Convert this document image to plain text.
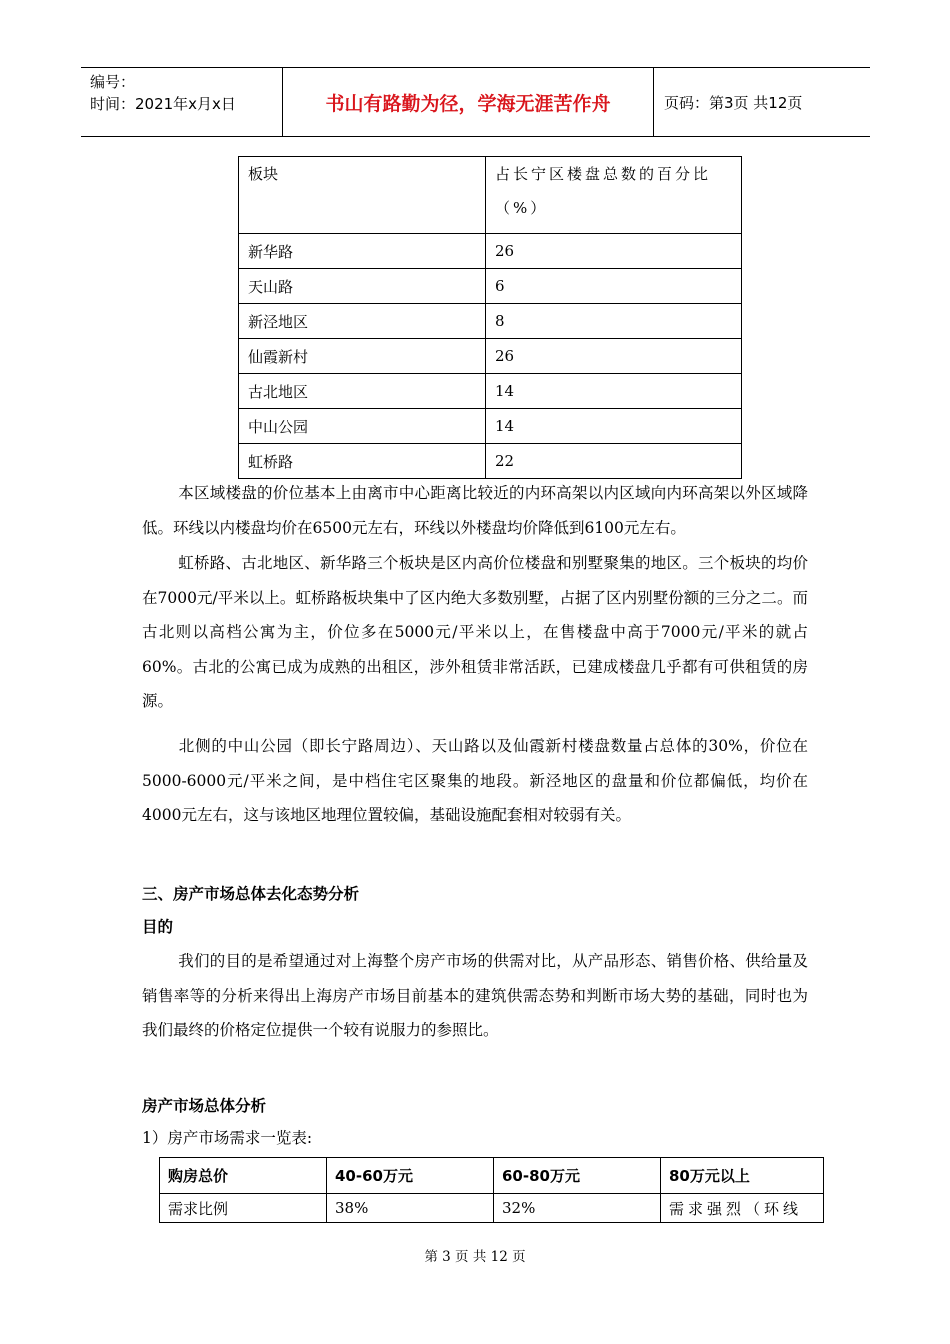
编号：
时间：2021年x月x日	书山有路勤为径，学海无涯苦作舟	页码：第3页 共12页
板块	占长宁区楼盘总数的百分比（%）
新华路	26
天山路	6
新泾地区	8
仙霞新村	26
古北地区	14
中山公园	14
虹桥路	22
本区域楼盘的价位基本上由离市中心距离比较近的内环高架以内区域向内环高架以外区域降低。环线以内楼盘均价在6500元左右，环线以外楼盘均价降低到6100元左右。
虹桥路、古北地区、新华路三个板块是区内高价位楼盘和别墅聚集的地区。三个板块的均价在7000元/平米以上。虹桥路板块集中了区内绝大多数别墅，占据了区内别墅份额的三分之二。而古北则以高档公寓为主，价位多在5000元/平米以上，在售楼盘中高于7000元/平米的就占60%。古北的公寓已成为成熟的出租区，涉外租赁非常活跃，已建成楼盘几乎都有可供租赁的房源。
北侧的中山公园（即长宁路周边）、天山路以及仙霞新村楼盘数量占总体的30%，价位在5000-6000元/平米之间，是中档住宅区聚集的地段。新泾地区的盘量和价位都偏低，均价在4000元左右，这与该地区地理位置较偏，基础设施配套相对较弱有关。
三、房产市场总体去化态势分析
目的
我们的目的是希望通过对上海整个房产市场的供需对比，从产品形态、销售价格、供给量及销售率等的分析来得出上海房产市场目前基本的建筑供需态势和判断市场大势的基础，同时也为我们最终的价格定位提供一个较有说服力的参照比。
房产市场总体分析
1）房产市场需求一览表:
购房总价	40-60万元	60-80万元	80万元以上
需求比例	38%	32%	需求强烈（环线
第 3 页 共 12 页
